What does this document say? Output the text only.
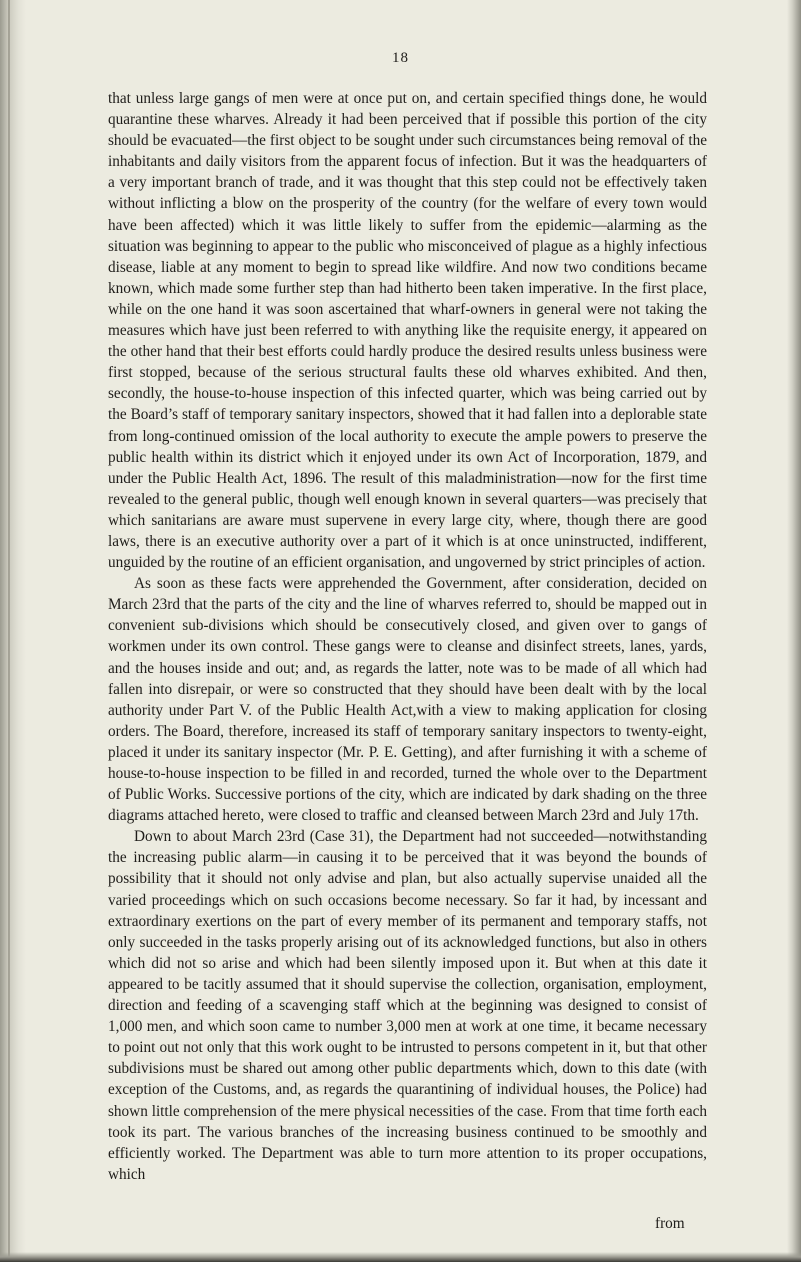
18

that unless large gangs of men were at once put on, and certain specified things done, he would quarantine these wharves. Already it had been perceived that if possible this portion of the city should be evacuated—the first object to be sought under such circumstances being removal of the inhabitants and daily visitors from the apparent focus of infection. But it was the headquarters of a very important branch of trade, and it was thought that this step could not be effectively taken without inflicting a blow on the prosperity of the country (for the welfare of every town would have been affected) which it was little likely to suffer from the epidemic—alarming as the situation was beginning to appear to the public who misconceived of plague as a highly infectious disease, liable at any moment to begin to spread like wildfire. And now two conditions became known, which made some further step than had hitherto been taken imperative. In the first place, while on the one hand it was soon ascertained that wharf-owners in general were not taking the measures which have just been referred to with anything like the requisite energy, it appeared on the other hand that their best efforts could hardly produce the desired results unless business were first stopped, because of the serious structural faults these old wharves exhibited. And then, secondly, the house-to-house inspection of this infected quarter, which was being carried out by the Board’s staff of temporary sanitary inspectors, showed that it had fallen into a deplorable state from long-continued omission of the local authority to execute the ample powers to preserve the public health within its district which it enjoyed under its own Act of Incorporation, 1879, and under the Public Health Act, 1896. The result of this maladministration—now for the first time revealed to the general public, though well enough known in several quarters—was precisely that which sanitarians are aware must supervene in every large city, where, though there are good laws, there is an executive authority over a part of it which is at once uninstructed, indifferent, unguided by the routine of an efficient organisation, and ungoverned by strict principles of action.

As soon as these facts were apprehended the Government, after consideration, decided on March 23rd that the parts of the city and the line of wharves referred to, should be mapped out in convenient sub-divisions which should be consecutively closed, and given over to gangs of workmen under its own control. These gangs were to cleanse and disinfect streets, lanes, yards, and the houses inside and out; and, as regards the latter, note was to be made of all which had fallen into disrepair, or were so constructed that they should have been dealt with by the local authority under Part V. of the Public Health Act,with a view to making application for closing orders. The Board, therefore, increased its staff of temporary sanitary inspectors to twenty-eight, placed it under its sanitary inspector (Mr. P. E. Getting), and after furnishing it with a scheme of house-to-house inspection to be filled in and recorded, turned the whole over to the Department of Public Works. Successive portions of the city, which are indicated by dark shading on the three diagrams attached hereto, were closed to traffic and cleansed between March 23rd and July 17th.

Down to about March 23rd (Case 31), the Department had not succeeded—notwithstanding the increasing public alarm—in causing it to be perceived that it was beyond the bounds of possibility that it should not only advise and plan, but also actually supervise unaided all the varied proceedings which on such occasions become necessary. So far it had, by incessant and extraordinary exertions on the part of every member of its permanent and temporary staffs, not only succeeded in the tasks properly arising out of its acknowledged functions, but also in others which did not so arise and which had been silently imposed upon it. But when at this date it appeared to be tacitly assumed that it should supervise the collection, organisation, employment, direction and feeding of a scavenging staff which at the beginning was designed to consist of 1,000 men, and which soon came to number 3,000 men at work at one time, it became necessary to point out not only that this work ought to be intrusted to persons competent in it, but that other subdivisions must be shared out among other public departments which, down to this date (with exception of the Customs, and, as regards the quarantining of individual houses, the Police) had shown little comprehension of the mere physical necessities of the case. From that time forth each took its part. The various branches of the increasing business continued to be smoothly and efficiently worked. The Department was able to turn more attention to its proper occupations, which

from
